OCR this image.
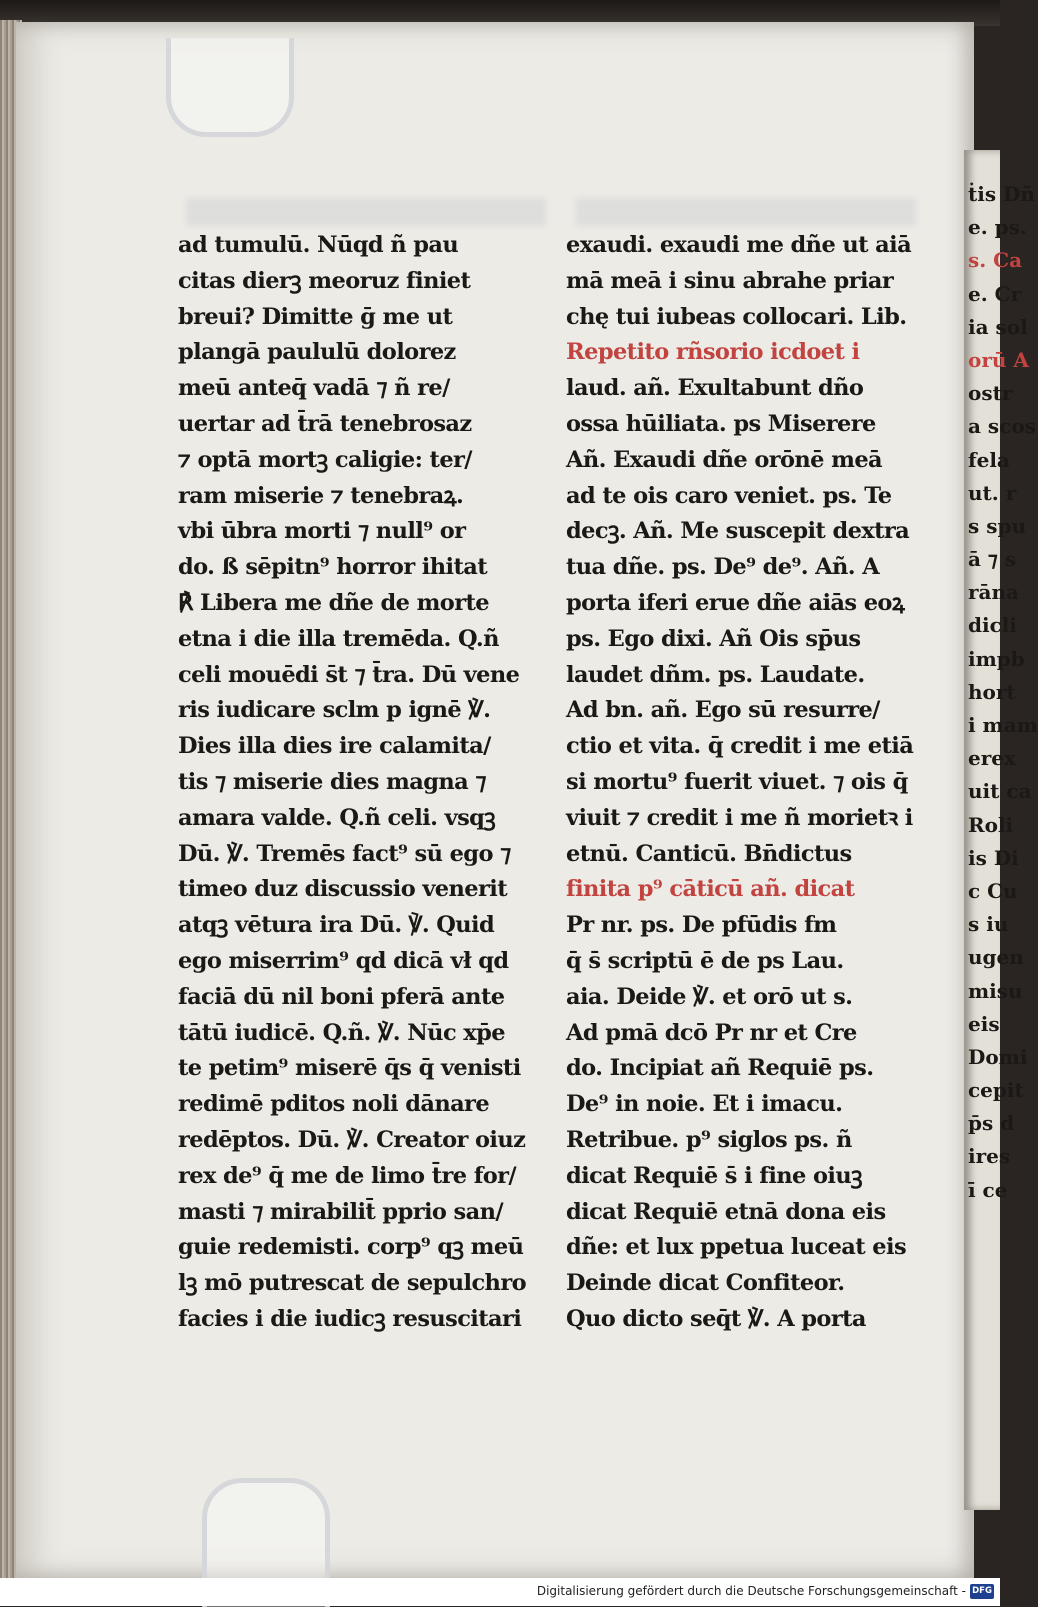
ad tumulū. Nūqd ñ pau
citas dierꝫ meoruz finiet
breui? Dimitte ḡ me ut
plangā paululū dolorez
meū anteq̄ vadā ⁊ ñ re/
uertar ad t̄rā tenebrosaz
⁊ optā mortꝫ caligie: ter/
ram miserie ⁊ tenebraꝝ.
vbi ūbra morti ⁊ null⁹ or
do. ß sēpitn⁹ horror ihitat
℟ Libera me dñe de morte
etna i die illa tremēda. Q.ñ
celi mouēdi s̄t ⁊ t̄ra. Dū vene
ris iudicare sclm p ignē ℣.
Dies illa dies ire calamita/
tis ⁊ miserie dies magna ⁊
amara valde. Q.ñ celi. vsqꝫ
Dū. ℣. Tremēs fact⁹ sū ego ⁊
timeo duz discussio venerit
atqꝫ vētura ira Dū. ℣. Quid
ego miserrim⁹ qd dicā vł qd
faciā dū nil boni pferā ante
tātū iudicē. Q.ñ. ℣. Nūc xp̄e
te petim⁹ miserē q̄s q̄ venisti
redimē pditos noli dānare
redēptos. Dū. ℣. Creator oiuz
rex de⁹ q̄ me de limo t̄re for/
masti ⁊ mirabilit̄ pprio san/
guie redemisti. corp⁹ qꝫ meū
lꝫ mō putrescat de sepulchro
facies i die iudicꝫ resuscitari
exaudi. exaudi me dñe ut aiā
mā meā i sinu abrahe priar
chę tui iubeas collocari. Lib.
Repetito rñsorio icdoet i
laud. añ. Exultabunt dño
ossa hūiliata. ps Miserere
Añ. Exaudi dñe orōnē meā
ad te ois caro veniet. ps. Te
decꝫ. Añ. Me suscepit dextra
tua dñe. ps. De⁹ de⁹. Añ. A
porta iferi erue dñe aiās eoꝝ
ps. Ego dixi. Añ Ois sp̄us
laudet dñm. ps. Laudate.
Ad bn. añ. Ego sū resurre/
ctio et vita. q̄ credit i me etiā
si mortu⁹ fuerit viuet. ⁊ ois q̄
viuit ⁊ credit i me ñ morietꝛ i
etnū. Canticū. Bn̄dictus
finita p⁹ cāticū añ. dicat
Pr nr. ps. De pfūdis fm
q̄ s̄ scriptū ē de ps Lau.
aia. Deide ℣. et orō ut s.
Ad pmā dcō Pr nr et Cre
do. Incipiat añ Requiē ps.
De⁹ in noie. Et i imacu.
Retribue. p⁹ siglos ps. ñ
dicat Requiē s̄ i fine oiuꝫ
dicat Requiē etnā dona eis
dñe: et lux ppetua luceat eis
Deinde dicat Confiteor.
Quo dicto seq̄t ℣. A porta
ṫis Dñ
e. ps.
s. Ca
e. Cr
ia sol
orū A
ostr
a scos
fela
ut. r
s spu
ā ⁊ s
rāna
dicli
impb
hort
i mam
erex
uit ca
Roli
is Di
c Cu
s iu
ugen
misu
eis
Domi
cepit
p̄s d
ires
ī ce
Digitalisierung gefördert durch die Deutsche Forschungsgemeinschaft - DFG
